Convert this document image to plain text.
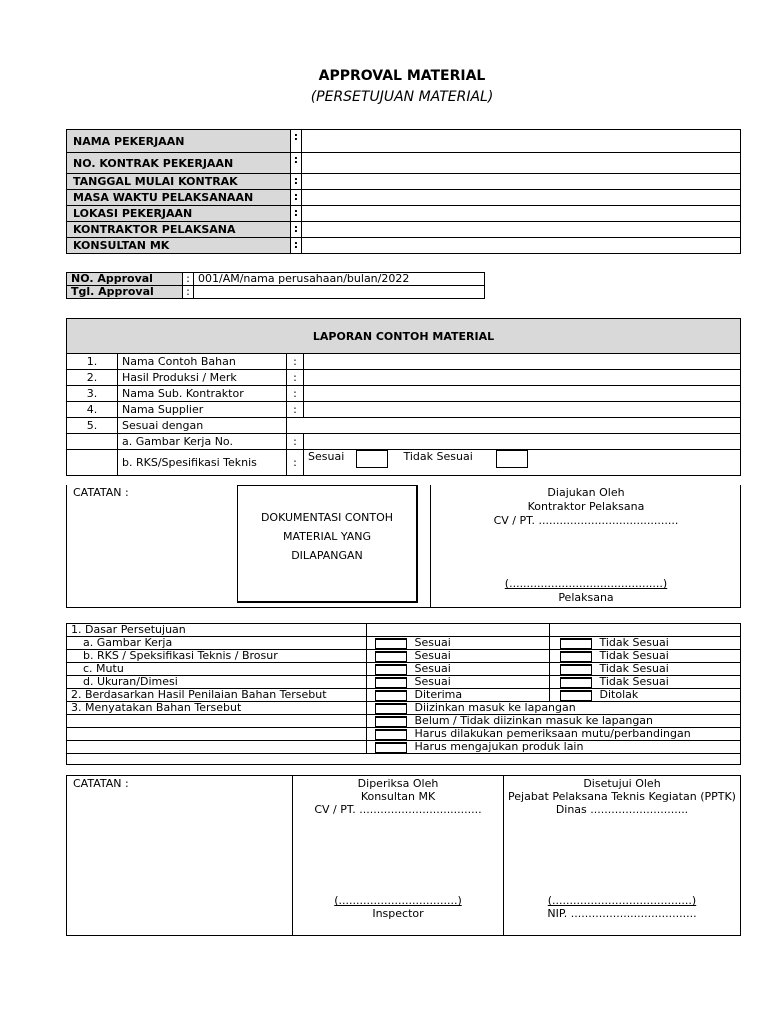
APPROVAL MATERIAL
(PERSETUJUAN MATERIAL)
NAMA PEKERJAAN	:	
NO. KONTRAK PEKERJAAN	:	
TANGGAL MULAI KONTRAK	:	
MASA WAKTU PELAKSANAAN	:	
LOKASI PEKERJAAN	:	
KONTRAKTOR PELAKSANA	:	
KONSULTAN MK	:	
NO. Approval	:	001/AM/nama perusahaan/bulan/2022
Tgl. Approval	:	
LAPORAN CONTOH MATERIAL			
1.	Nama Contoh Bahan	:	
2.	Hasil Produksi / Merk	:	
3.	Nama Sub. Kontraktor	:	
4.	Nama Supplier	:	
5.	Sesuai dengan		
	a. Gambar Kerja No.	:	
	b. RKS/Spesifikasi Teknis	:	Sesuai Tidak Sesuai
CATATAN :
DOKUMENTASI CONTOH
MATERIAL YANG
DILAPANGAN
Diajukan Oleh
Kontraktor Pelaksana
CV / PT. ........................................
(............................................)
Pelaksana
1. Dasar Persetujuan		
a. Gambar Kerja	Sesuai	Tidak Sesuai
b. RKS / Speksifikasi Teknis / Brosur	Sesuai	Tidak Sesuai
c. Mutu	Sesuai	Tidak Sesuai
d. Ukuran/Dimesi	Sesuai	Tidak Sesuai
2. Berdasarkan Hasil Penilaian Bahan Tersebut	Diterima	Ditolak
3. Menyatakan Bahan Tersebut	Diizinkan masuk ke lapangan	
	Belum / Tidak diizinkan masuk ke lapangan	
	Harus dilakukan pemeriksaan mutu/perbandingan	
	Harus mengajukan produk lain	

CATATAN :	Diperiksa Oleh
Konsultan MK
CV / PT. ...................................
(..................................)
Inspector
Disetujui Oleh
Pejabat Pelaksana Teknis Kegiatan (PPTK)
Dinas ............................
(........................................)
NIP. ....................................
